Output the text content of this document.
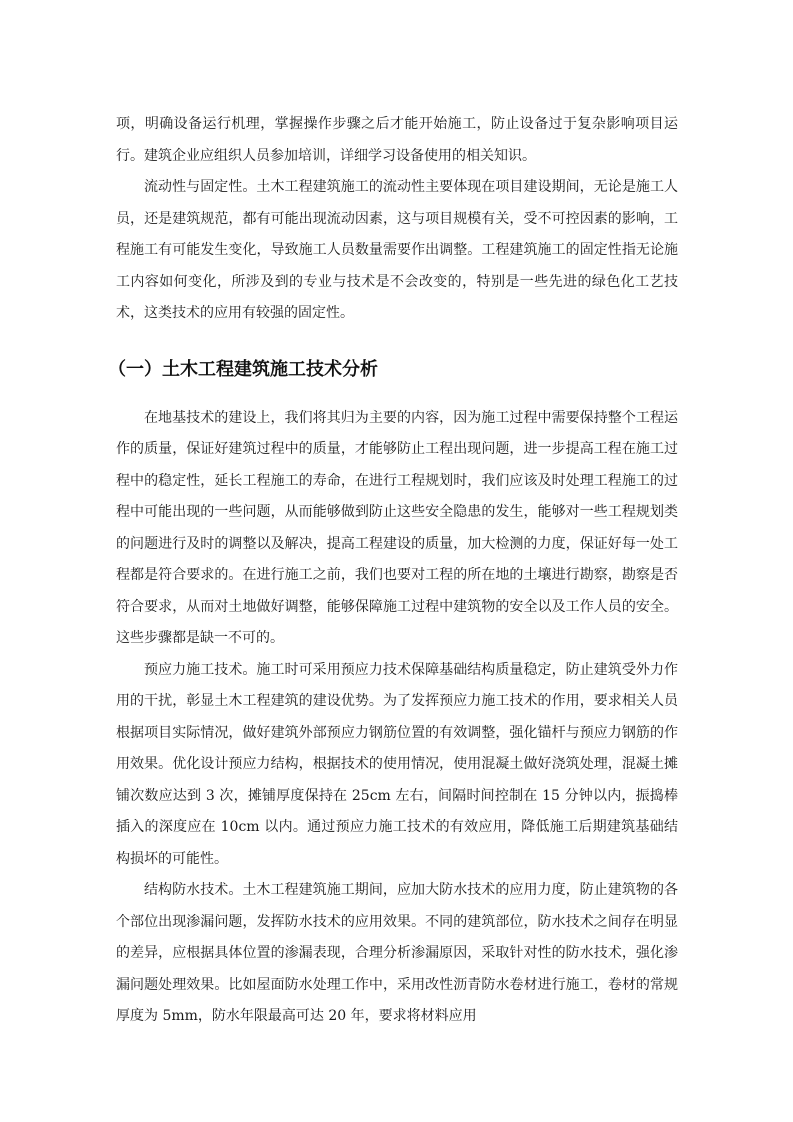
项，明确设备运行机理，掌握操作步骤之后才能开始施工，防止设备过于复杂影响项目运行。建筑企业应组织人员参加培训，详细学习设备使用的相关知识。

流动性与固定性。土木工程建筑施工的流动性主要体现在项目建设期间，无论是施工人员，还是建筑规范，都有可能出现流动因素，这与项目规模有关，受不可控因素的影响，工程施工有可能发生变化，导致施工人员数量需要作出调整。工程建筑施工的固定性指无论施工内容如何变化，所涉及到的专业与技术是不会改变的，特别是一些先进的绿色化工艺技术，这类技术的应用有较强的固定性。

（一）土木工程建筑施工技术分析

在地基技术的建设上，我们将其归为主要的内容，因为施工过程中需要保持整个工程运作的质量，保证好建筑过程中的质量，才能够防止工程出现问题，进一步提高工程在施工过程中的稳定性，延长工程施工的寿命，在进行工程规划时，我们应该及时处理工程施工的过程中可能出现的一些问题，从而能够做到防止这些安全隐患的发生，能够对一些工程规划类的问题进行及时的调整以及解决，提高工程建设的质量，加大检测的力度，保证好每一处工程都是符合要求的。在进行施工之前，我们也要对工程的所在地的土壤进行勘察，勘察是否符合要求，从而对土地做好调整，能够保障施工过程中建筑物的安全以及工作人员的安全。这些步骤都是缺一不可的。

预应力施工技术。施工时可采用预应力技术保障基础结构质量稳定，防止建筑受外力作用的干扰，彰显土木工程建筑的建设优势。为了发挥预应力施工技术的作用，要求相关人员根据项目实际情况，做好建筑外部预应力钢筋位置的有效调整，强化锚杆与预应力钢筋的作用效果。优化设计预应力结构，根据技术的使用情况，使用混凝土做好浇筑处理，混凝土摊铺次数应达到 3 次，摊铺厚度保持在 25cm 左右，间隔时间控制在 15 分钟以内，振捣棒插入的深度应在 10cm 以内。通过预应力施工技术的有效应用，降低施工后期建筑基础结构损坏的可能性。

结构防水技术。土木工程建筑施工期间，应加大防水技术的应用力度，防止建筑物的各个部位出现渗漏问题，发挥防水技术的应用效果。不同的建筑部位，防水技术之间存在明显的差异，应根据具体位置的渗漏表现，合理分析渗漏原因，采取针对性的防水技术，强化渗漏问题处理效果。比如屋面防水处理工作中，采用改性沥青防水卷材进行施工，卷材的常规厚度为 5mm，防水年限最高可达 20 年，要求将材料应用
